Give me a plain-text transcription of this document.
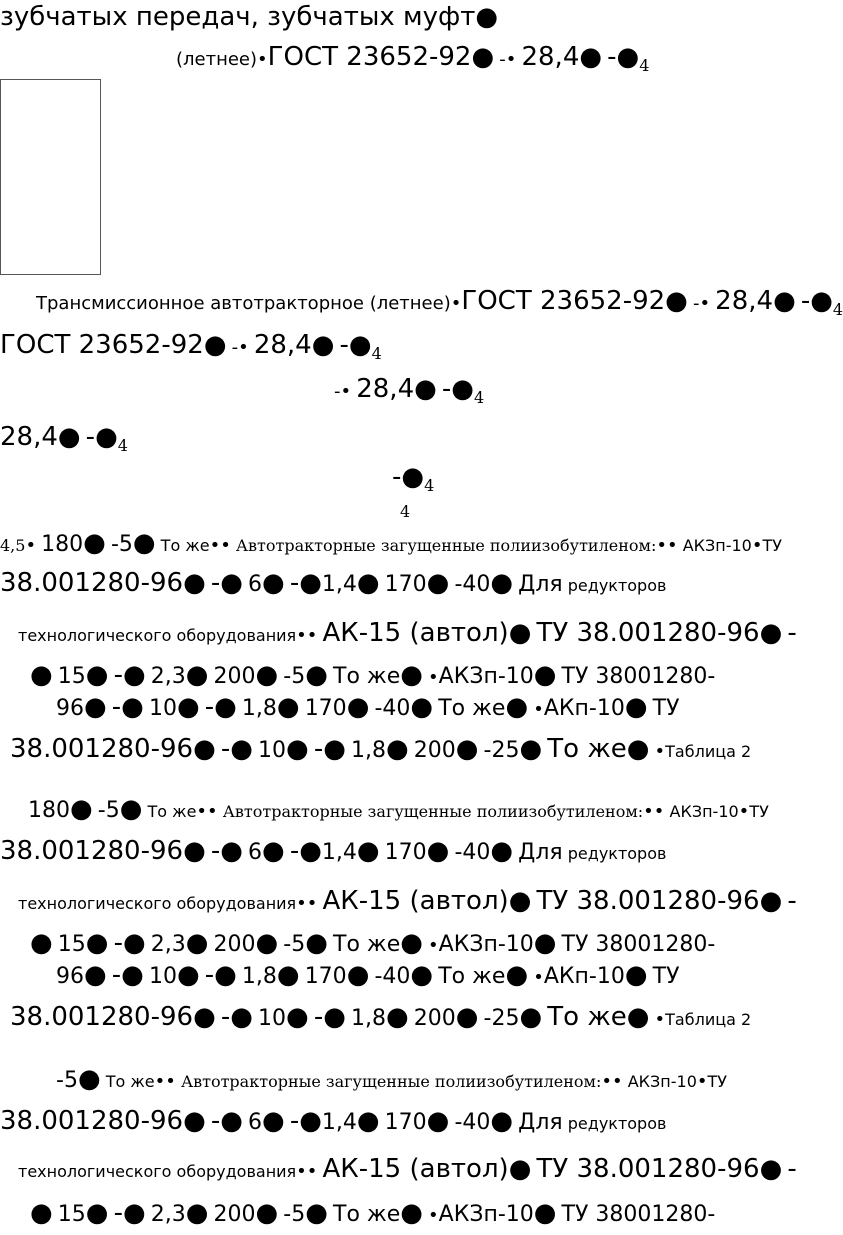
зубчатых передач, зубчатых муфт●
(летнее)•ГОСТ 23652-92● -• 28,4● -●4
Трансмиссионное автотракторное (летнее)•ГОСТ 23652-92● -• 28,4● -●4
ГОСТ 23652-92● -• 28,4● -●4
-• 28,4● -●4
28,4● -●4
-●4
4
4,5• 180● -5● То же•• Автотракторные загущенные полиизобутиленом:•• АКЗп-10•ТУ
38.001280-96● -● 6● -●1,4● 170● -40● Для редукторов
технологического оборудования•• АК-15 (автол)● ТУ 38.001280-96● -
● 15● -● 2,3● 200● -5● То же● •АКЗп-10● ТУ 38001280-
96● -● 10● -● 1,8● 170● -40● То же● •АКп-10● ТУ
38.001280-96● -● 10● -● 1,8● 200● -25● То же● •Таблица 2
180● -5● То же•• Автотракторные загущенные полиизобутиленом:•• АКЗп-10•ТУ
38.001280-96● -● 6● -●1,4● 170● -40● Для редукторов
технологического оборудования•• АК-15 (автол)● ТУ 38.001280-96● -
● 15● -● 2,3● 200● -5● То же● •АКЗп-10● ТУ 38001280-
96● -● 10● -● 1,8● 170● -40● То же● •АКп-10● ТУ
38.001280-96● -● 10● -● 1,8● 200● -25● То же● •Таблица 2
-5● То же•• Автотракторные загущенные полиизобутиленом:•• АКЗп-10•ТУ
38.001280-96● -● 6● -●1,4● 170● -40● Для редукторов
технологического оборудования•• АК-15 (автол)● ТУ 38.001280-96● -
● 15● -● 2,3● 200● -5● То же● •АКЗп-10● ТУ 38001280-
